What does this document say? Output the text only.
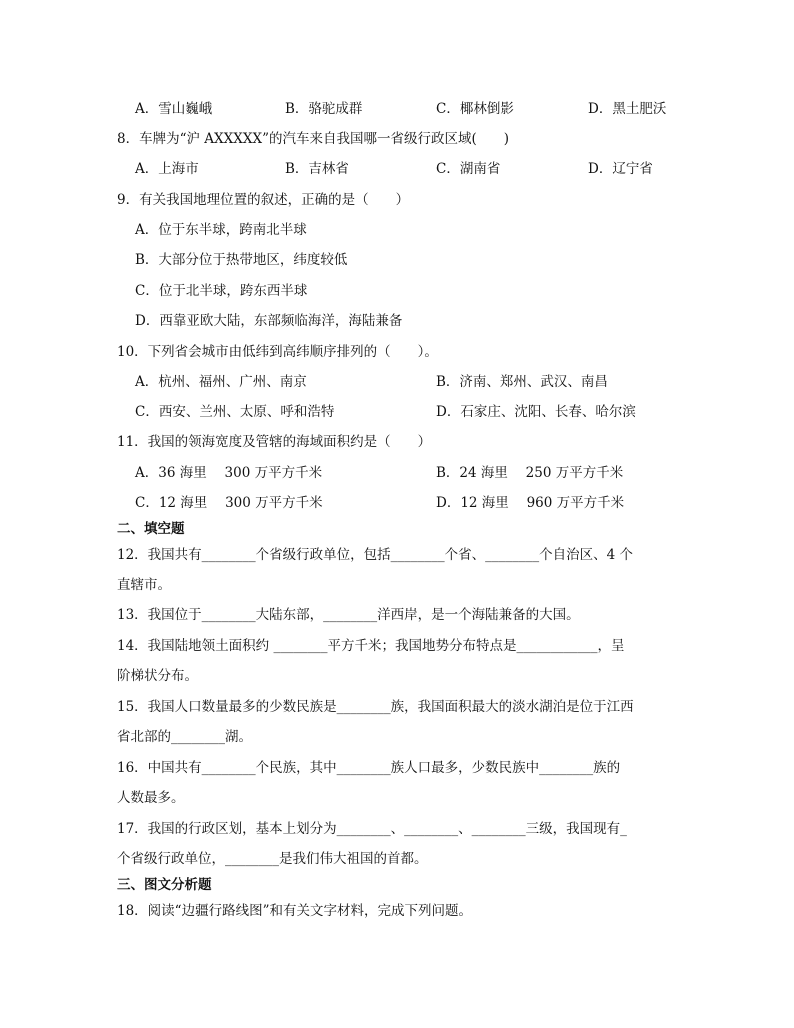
A．雪山巍峨	B．骆驼成群	C．椰林倒影	D．黑土肥沃
8．车牌为“沪 AXXXXX”的汽车来自我国哪一省级行政区域(　　)
A．上海市	B．吉林省	C．湖南省	D．辽宁省
9．有关我国地理位置的叙述，正确的是（　　）
A．位于东半球，跨南北半球
B．大部分位于热带地区，纬度较低
C．位于北半球，跨东西半球
D．西靠亚欧大陆，东部频临海洋，海陆兼备
10．下列省会城市由低纬到高纬顺序排列的（　　）。
A．杭州、福州、广州、南京	B．济南、郑州、武汉、南昌
C．西安、兰州、太原、呼和浩特	D．石家庄、沈阳、长春、哈尔滨
11．我国的领海宽度及管辖的海域面积约是（　　）
A．36 海里　 300 万平方千米	B．24 海里　 250 万平方千米
C．12 海里　 300 万平方千米	D．12 海里　 960 万平方千米
二、填空题
12．我国共有________个省级行政单位，包括________个省、________个自治区、4 个
直辖市。
13．我国位于________大陆东部，________洋西岸，是一个海陆兼备的大国。
14．我国陆地领土面积约 ________平方千米；我国地势分布特点是____________，呈
阶梯状分布。
15．我国人口数量最多的少数民族是________族，我国面积最大的淡水湖泊是位于江西
省北部的________湖。
16．中国共有________个民族，其中________族人口最多，少数民族中________族的
人数最多。
17．我国的行政区划，基本上划分为________、________、________三级，我国现有_
个省级行政单位，________是我们伟大祖国的首都。
三、图文分析题
18．阅读“边疆行路线图”和有关文字材料，完成下列问题。
